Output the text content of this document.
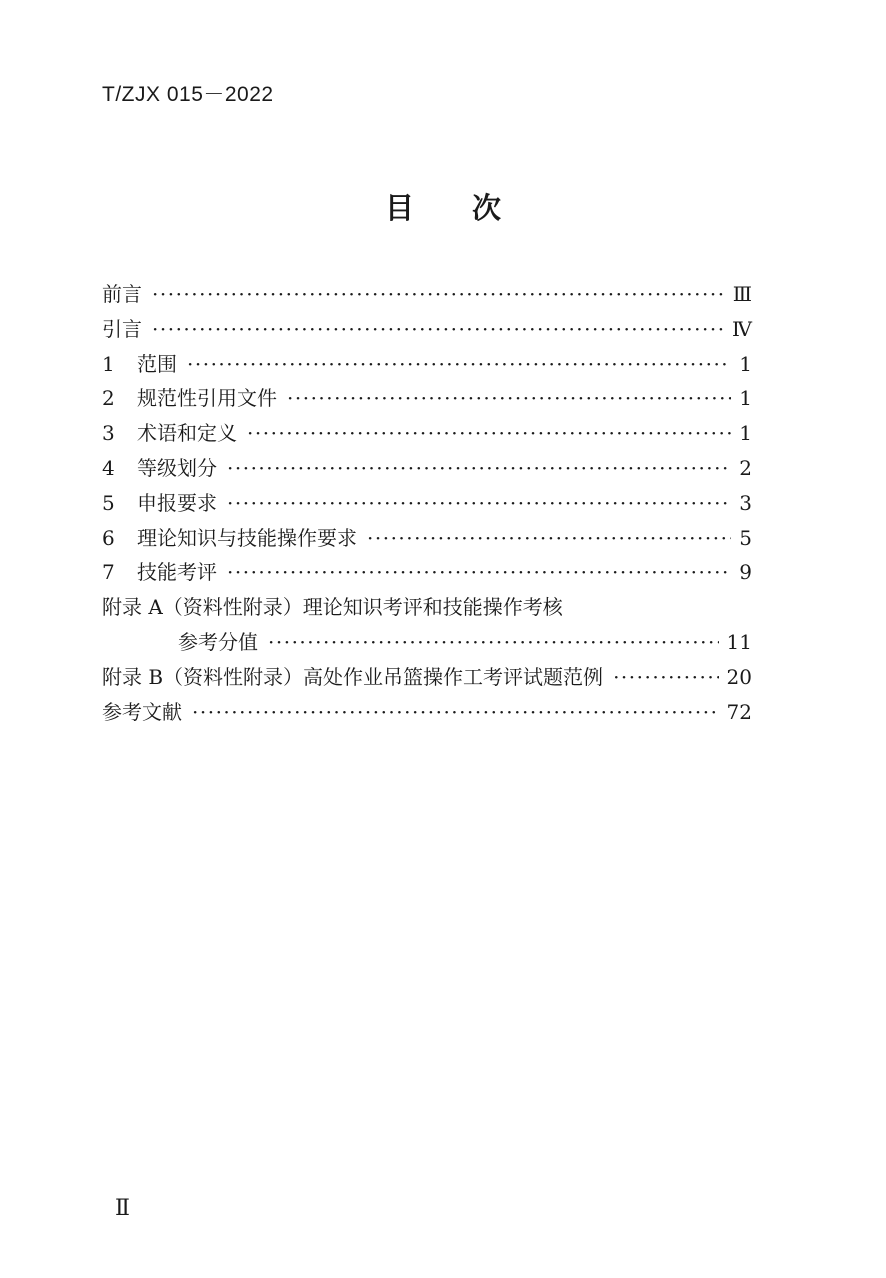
T/ZJX 015－2022
目 次
前言 ·····	Ⅲ
引言 ·····	Ⅳ
1	范围 ·····	1
2	规范性引用文件 ·····	1
3	术语和定义 ·····	1
4	等级划分 ·····	2
5	申报要求 ·····	3
6	理论知识与技能操作要求 ·····	5
7	技能考评 ·····	9
附录 A（资料性附录）理论知识考评和技能操作考核
参考分值 ·····	11
附录 B（资料性附录）高处作业吊篮操作工考评试题范例 ·····	20
参考文献 ·····	72
Ⅱ
